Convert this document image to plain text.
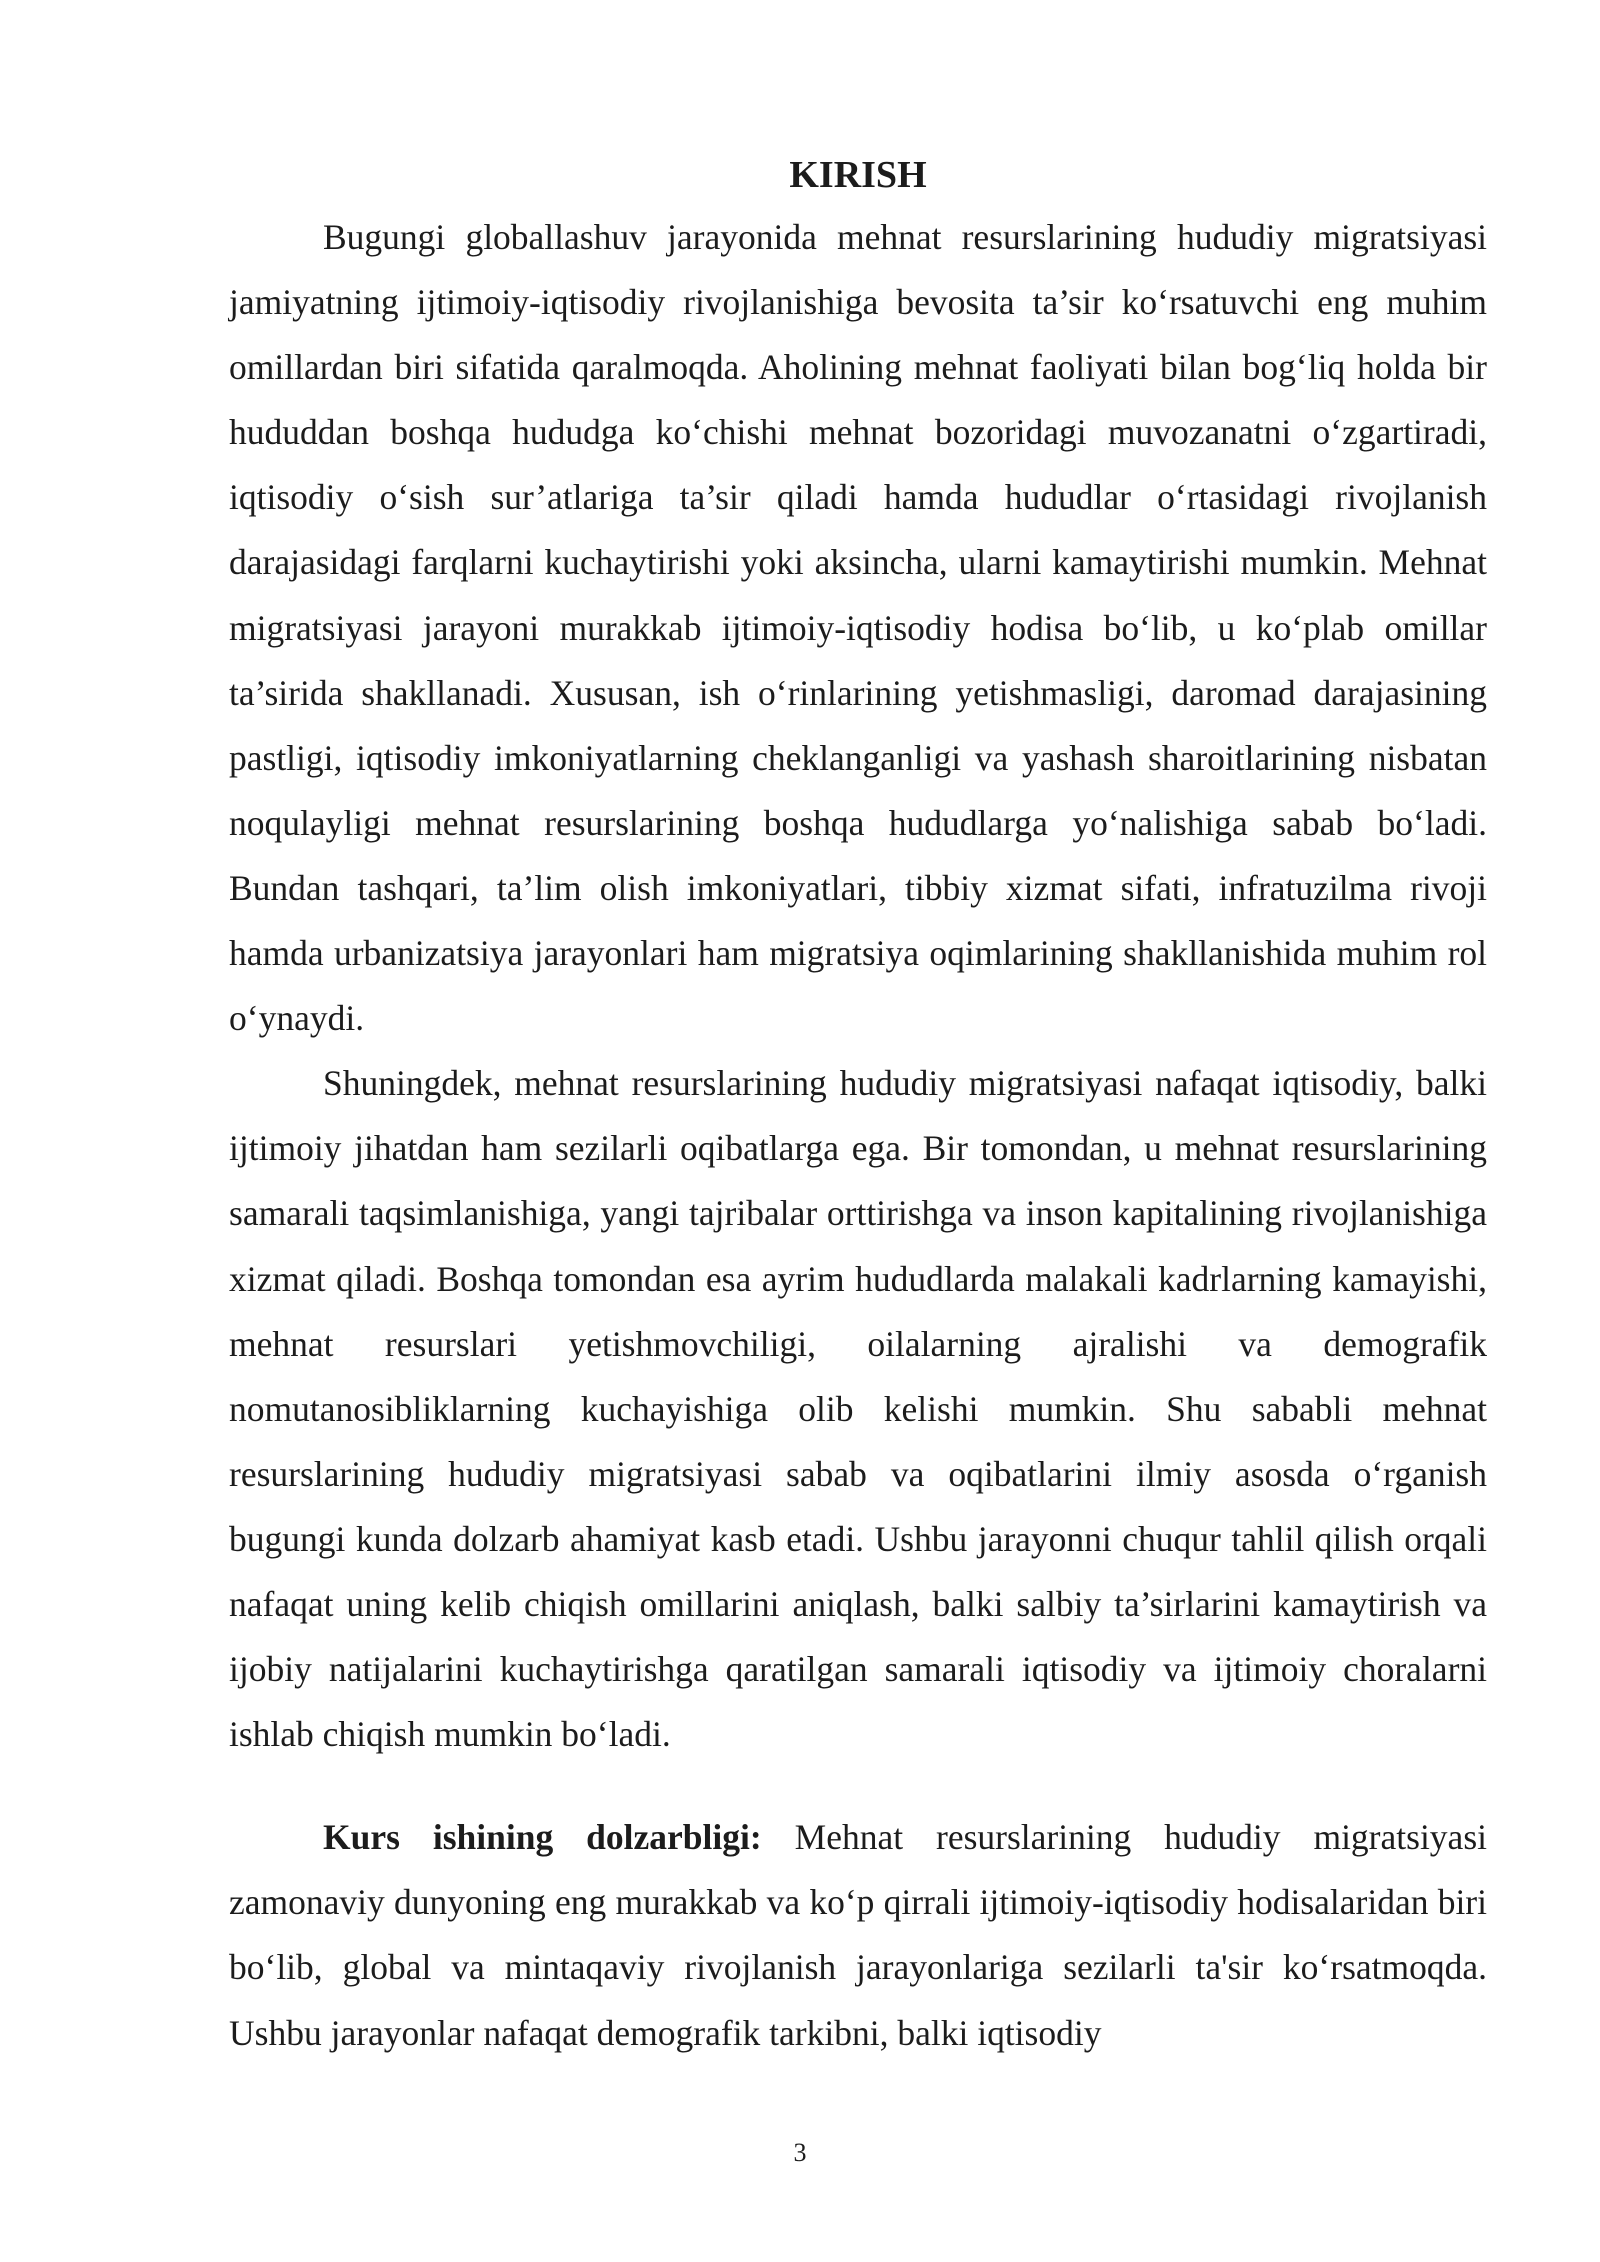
KIRISH

Bugungi globallashuv jarayonida mehnat resurslarining hududiy migratsiyasi jamiyatning ijtimoiy-iqtisodiy rivojlanishiga bevosita ta’sir koʻrsatuvchi eng muhim omillardan biri sifatida qaralmoqda. Aholining mehnat faoliyati bilan bogʻliq holda bir hududdan boshqa hududga koʻchishi mehnat bozoridagi muvozanatni oʻzgartiradi, iqtisodiy oʻsish sur’atlariga ta’sir qiladi hamda hududlar oʻrtasidagi rivojlanish darajasidagi farqlarni kuchaytirishi yoki aksincha, ularni kamaytirishi mumkin. Mehnat migratsiyasi jarayoni murakkab ijtimoiy-iqtisodiy hodisa boʻlib, u koʻplab omillar ta’sirida shakllanadi. Xususan, ish oʻrinlarining yetishmasligi, daromad darajasining pastligi, iqtisodiy imkoniyatlarning cheklanganligi va yashash sharoitlarining nisbatan noqulayligi mehnat resurslarining boshqa hududlarga yoʻnalishiga sabab boʻladi. Bundan tashqari, ta’lim olish imkoniyatlari, tibbiy xizmat sifati, infratuzilma rivoji hamda urbanizatsiya jarayonlari ham migratsiya oqimlarining shakllanishida muhim rol oʻynaydi.

Shuningdek, mehnat resurslarining hududiy migratsiyasi nafaqat iqtisodiy, balki ijtimoiy jihatdan ham sezilarli oqibatlarga ega. Bir tomondan, u mehnat resurslarining samarali taqsimlanishiga, yangi tajribalar orttirishga va inson kapitalining rivojlanishiga xizmat qiladi. Boshqa tomondan esa ayrim hududlarda malakali kadrlarning kamayishi, mehnat resurslari yetishmovchiligi, oilalarning ajralishi va demografik nomutanosibliklarning kuchayishiga olib kelishi mumkin. Shu sababli mehnat resurslarining hududiy migratsiyasi sabab va oqibatlarini ilmiy asosda oʻrganish bugungi kunda dolzarb ahamiyat kasb etadi. Ushbu jarayonni chuqur tahlil qilish orqali nafaqat uning kelib chiqish omillarini aniqlash, balki salbiy ta’sirlarini kamaytirish va ijobiy natijalarini kuchaytirishga qaratilgan samarali iqtisodiy va ijtimoiy choralarni ishlab chiqish mumkin boʻladi.

Kurs ishining dolzarbligi: Mehnat resurslarining hududiy migratsiyasi zamonaviy dunyoning eng murakkab va koʻp qirrali ijtimoiy-iqtisodiy hodisalaridan biri boʻlib, global va mintaqaviy rivojlanish jarayonlariga sezilarli ta'sir koʻrsatmoqda. Ushbu jarayonlar nafaqat demografik tarkibni, balki iqtisodiy

3
